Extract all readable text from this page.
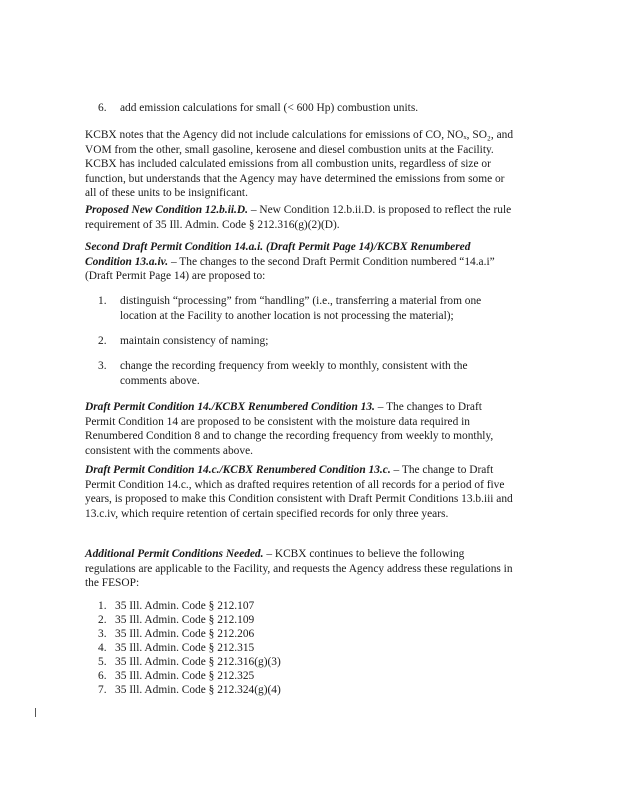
6. add emission calculations for small (< 600 Hp) combustion units.

KCBX notes that the Agency did not include calculations for emissions of CO, NOₓ, SO₂, and VOM from the other, small gasoline, kerosene and diesel combustion units at the Facility. KCBX has included calculated emissions from all combustion units, regardless of size or function, but understands that the Agency may have determined the emissions from some or all of these units to be insignificant.

Proposed New Condition 12.b.ii.D. – New Condition 12.b.ii.D. is proposed to reflect the rule requirement of 35 Ill. Admin. Code § 212.316(g)(2)(D).

Second Draft Permit Condition 14.a.i. (Draft Permit Page 14)/KCBX Renumbered Condition 13.a.iv. – The changes to the second Draft Permit Condition numbered “14.a.i” (Draft Permit Page 14) are proposed to:

1. distinguish “processing” from “handling” (i.e., transferring a material from one location at the Facility to another location is not processing the material);
2. maintain consistency of naming;
3. change the recording frequency from weekly to monthly, consistent with the comments above.

Draft Permit Condition 14./KCBX Renumbered Condition 13. – The changes to Draft Permit Condition 14 are proposed to be consistent with the moisture data required in Renumbered Condition 8 and to change the recording frequency from weekly to monthly, consistent with the comments above.

Draft Permit Condition 14.c./KCBX Renumbered Condition 13.c. – The change to Draft Permit Condition 14.c., which as drafted requires retention of all records for a period of five years, is proposed to make this Condition consistent with Draft Permit Conditions 13.b.iii and 13.c.iv, which require retention of certain specified records for only three years.

Additional Permit Conditions Needed. – KCBX continues to believe the following regulations are applicable to the Facility, and requests the Agency address these regulations in the FESOP:

1. 35 Ill. Admin. Code § 212.107
2. 35 Ill. Admin. Code § 212.109
3. 35 Ill. Admin. Code § 212.206
4. 35 Ill. Admin. Code § 212.315
5. 35 Ill. Admin. Code § 212.316(g)(3)
6. 35 Ill. Admin. Code § 212.325
7. 35 Ill. Admin. Code § 212.324(g)(4)
